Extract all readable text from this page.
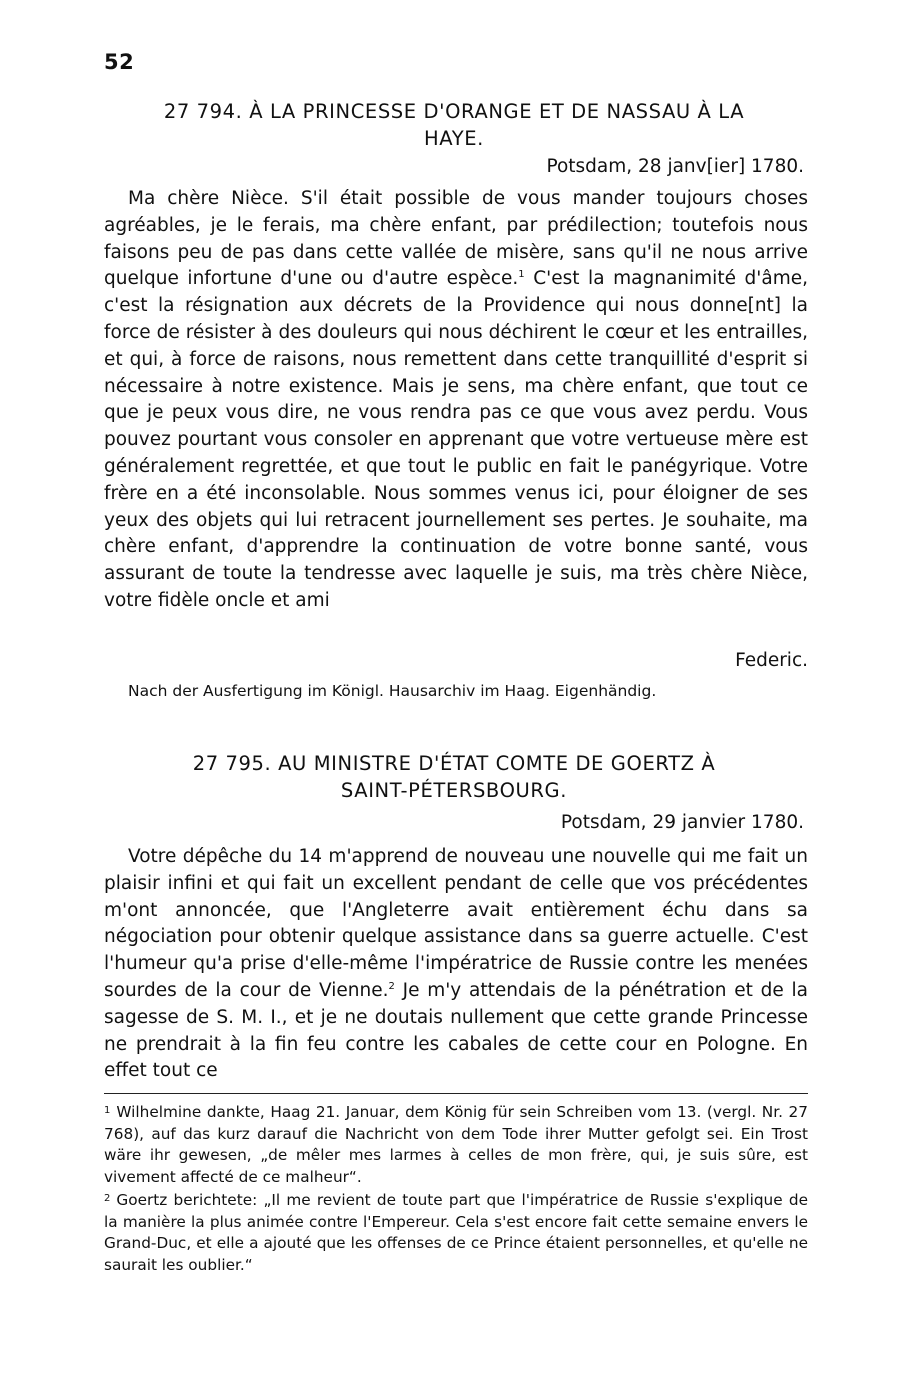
52
27 794. À LA PRINCESSE D'ORANGE ET DE NASSAU À LA
HAYE.
Potsdam, 28 janv[ier] 1780.

Ma chère Nièce. S'il était possible de vous mander toujours choses agréables, je le ferais, ma chère enfant, par prédilection; toutefois nous faisons peu de pas dans cette vallée de misère, sans qu'il ne nous arrive quelque infortune d'une ou d'autre espèce.$^1$ C'est la magnanimité d'âme, c'est la résignation aux décrets de la Providence qui nous donne[nt] la force de résister à des douleurs qui nous déchirent le cœur et les entrailles, et qui, à force de raisons, nous remettent dans cette tranquillité d'esprit si nécessaire à notre existence. Mais je sens, ma chère enfant, que tout ce que je peux vous dire, ne vous rendra pas ce que vous avez perdu. Vous pouvez pourtant vous consoler en apprenant que votre vertueuse mère est généralement regrettée, et que tout le public en fait le panégyrique. Votre frère en a été inconsolable. Nous sommes venus ici, pour éloigner de ses yeux des objets qui lui retracent journellement ses pertes. Je souhaite, ma chère enfant, d'apprendre la continuation de votre bonne santé, vous assurant de toute la tendresse avec laquelle je suis, ma très chère Nièce, votre fidèle oncle et ami

Federic.
Nach der Ausfertigung im Königl. Hausarchiv im Haag. Eigenhändig.
27 795. AU MINISTRE D'ÉTAT COMTE DE GOERTZ À
SAINT-PÉTERSBOURG.
Potsdam, 29 janvier 1780.

Votre dépêche du 14 m'apprend de nouveau une nouvelle qui me fait un plaisir infini et qui fait un excellent pendant de celle que vos précédentes m'ont annoncée, que l'Angleterre avait entièrement échu dans sa négociation pour obtenir quelque assistance dans sa guerre actuelle. C'est l'humeur qu'a prise d'elle-même l'impératrice de Russie contre les menées sourdes de la cour de Vienne.$^2$ Je m'y attendais de la pénétration et de la sagesse de S. M. I., et je ne doutais nullement que cette grande Princesse ne prendrait à la fin feu contre les cabales de cette cour en Pologne. En effet tout ce

$^1$ Wilhelmine dankte, Haag 21. Januar, dem König für sein Schreiben vom 13. (vergl. Nr. 27 768), auf das kurz darauf die Nachricht von dem Tode ihrer Mutter gefolgt sei. Ein Trost wäre ihr gewesen, „de mêler mes larmes à celles de mon frère, qui, je suis sûre, est vivement affecté de ce malheur“.

$^2$ Goertz berichtete: „Il me revient de toute part que l'impératrice de Russie s'explique de la manière la plus animée contre l'Empereur. Cela s'est encore fait cette semaine envers le Grand-Duc, et elle a ajouté que les offenses de ce Prince étaient personnelles, et qu'elle ne saurait les oublier.“
